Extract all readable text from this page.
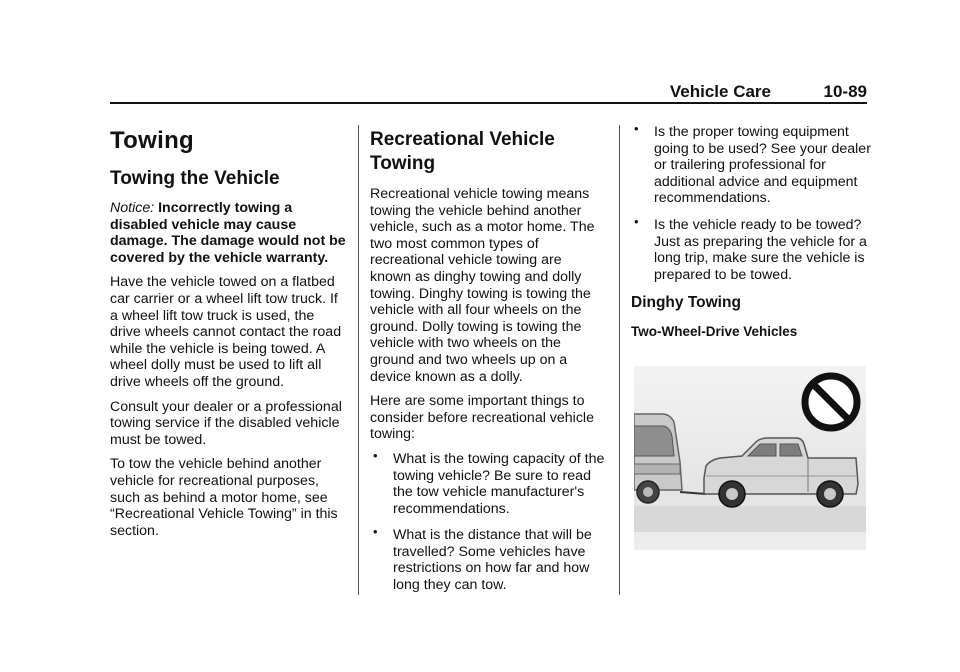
Vehicle Care	10-89
Towing
Towing the Vehicle

Notice: Incorrectly towing a disabled vehicle may cause damage. The damage would not be covered by the vehicle warranty.

Have the vehicle towed on a flatbed car carrier or a wheel lift tow truck. If a wheel lift tow truck is used, the drive wheels cannot contact the road while the vehicle is being towed. A wheel dolly must be used to lift all drive wheels off the ground.

Consult your dealer or a professional towing service if the disabled vehicle must be towed.

To tow the vehicle behind another vehicle for recreational purposes, such as behind a motor home, see “Recreational Vehicle Towing” in this section.

Recreational Vehicle Towing

Recreational vehicle towing means towing the vehicle behind another vehicle, such as a motor home. The two most common types of recreational vehicle towing are known as dinghy towing and dolly towing. Dinghy towing is towing the vehicle with all four wheels on the ground. Dolly towing is towing the vehicle with two wheels on the ground and two wheels up on a device known as a dolly.

Here are some important things to consider before recreational vehicle towing:

• What is the towing capacity of the towing vehicle? Be sure to read the tow vehicle manufacturer's recommendations.
• What is the distance that will be travelled? Some vehicles have restrictions on how far and how long they can tow.
• Is the proper towing equipment going to be used? See your dealer or trailering professional for additional advice and equipment recommendations.
• Is the vehicle ready to be towed? Just as preparing the vehicle for a long trip, make sure the vehicle is prepared to be towed.
Dinghy Towing
Two-Wheel-Drive Vehicles
